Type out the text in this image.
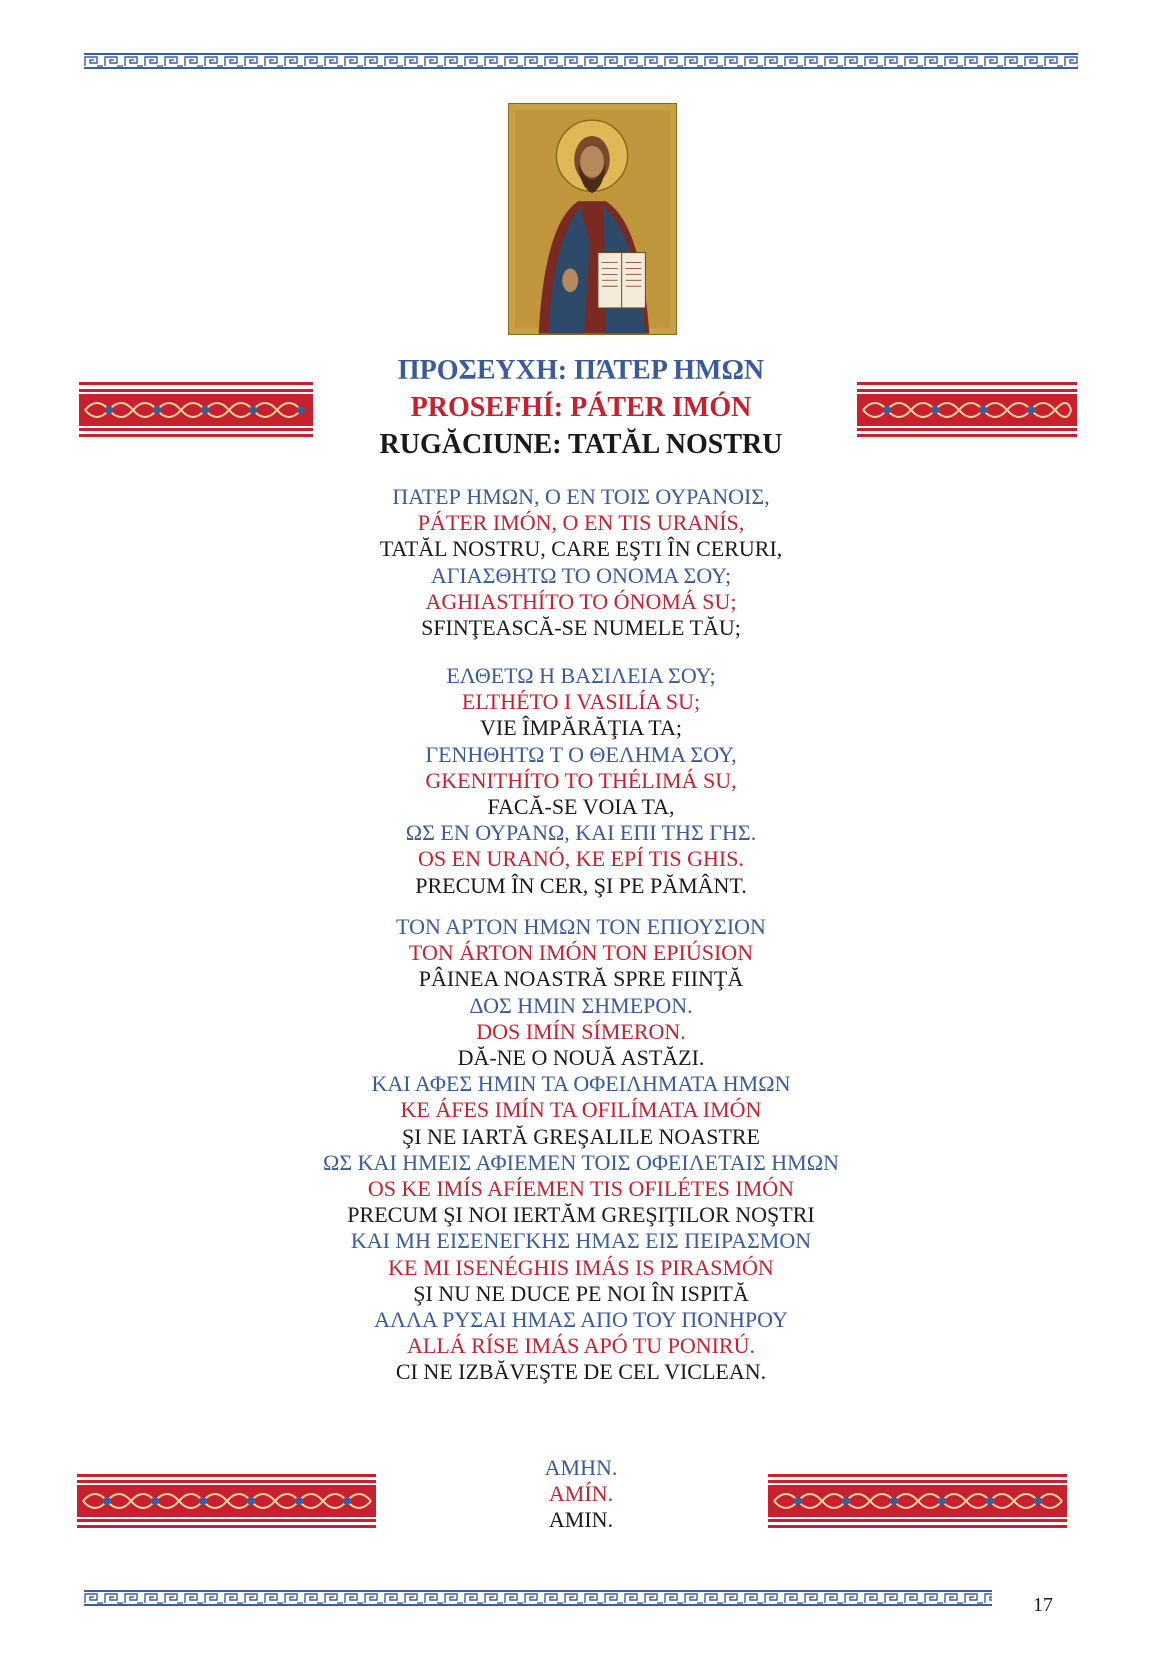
ΠΡΟΣΕΥΧΗ: ΠΆΤΕΡ ΗΜΩΝ

PROSEFHÍ: PÁTER IMÓN

RUGĂCIUNE: TATĂL NOSTRU

ΠΑΤΕΡ ΗΜΩΝ, Ο ΕΝ ΤΟΙΣ ΟΥΡΑΝΟΙΣ,

PÁTER IMÓN, O EN TIS URANÍS,

TATĂL NOSTRU, CARE EŞTI ÎN CERURI,

ΑΓΙΑΣΘΗΤΩ ΤΟ ΟΝΟΜΑ ΣΟΥ;

AGHIASTHÍTO TO ÓNOMÁ SU;

SFINŢEASCĂ-SE NUMELE TĂU;

ΕΛΘΕΤΩ Η ΒΑΣΙΛΕΙΑ ΣΟΥ;

ELTHÉTO I VASILÍA SU;

VIE ÎMPĂRĂŢIA TA;

ΓΕΝΗΘΗΤΩ Τ Ο ΘΕΛΗΜΑ ΣΟΥ,

GKENITHÍTO TO THÉLIMÁ SU,

FACĂ-SE VOIA TA,

ΩΣ ΕΝ ΟΥΡΑΝΩ, ΚΑΙ ΕΠΙ ΤΗΣ ΓΗΣ.

OS EN URANÓ, KE EPÍ TIS GHIS.

PRECUM ÎN CER, ŞI PE PĂMÂNT.

ΤΟΝ ΑΡΤΟΝ ΗΜΩΝ ΤΟΝ ΕΠΙΟΥΣΙΟΝ

TON ÁRTON IMÓN TON EPIÚSION

PÂINEA NOASTRĂ SPRE FIINŢĂ

ΔΟΣ ΗΜΙΝ ΣΗΜΕΡΟΝ.

DOS IMÍN SÍMERON.

DĂ-NE O NOUĂ ASTĂZI.

ΚΑΙ ΑΦΕΣ ΗΜΙΝ ΤΑ ΟΦΕΙΛΗΜΑΤΑ ΗΜΩΝ

KE ÁFES IMÍN TA OFILÍMATA IMÓN

ŞI NE IARTĂ GREŞALILE NOASTRE

ΩΣ ΚΑΙ ΗΜΕΙΣ ΑΦΙΕΜΕΝ ΤΟΙΣ ΟΦΕΙΛΕΤΑΙΣ ΗΜΩΝ

OS KE IMÍS AFÍEMEN TIS OFILÉTES IMÓN

PRECUM ŞI NOI IERTĂM GREŞIŢILOR NOŞTRI

ΚΑΙ ΜΗ ΕΙΣΕΝΕΓΚΗΣ ΗΜΑΣ ΕΙΣ ΠΕΙΡΑΣΜΟΝ

KE MI ISENÉGHIS IMÁS IS PIRASMÓN

ŞI NU NE DUCE PE NOI ÎN ISPITĂ

ΑΛΛΑ ΡΥΣΑΙ ΗΜΑΣ ΑΠΟ ΤΟΥ ΠΟΝΗΡΟΥ

ALLÁ RÍSE IMÁS APÓ TU PONIRÚ.

CI NE IZBĂVEŞTE DE CEL VICLEAN.

ΑΜΗΝ.

AMÍN.

AMIN.

17
